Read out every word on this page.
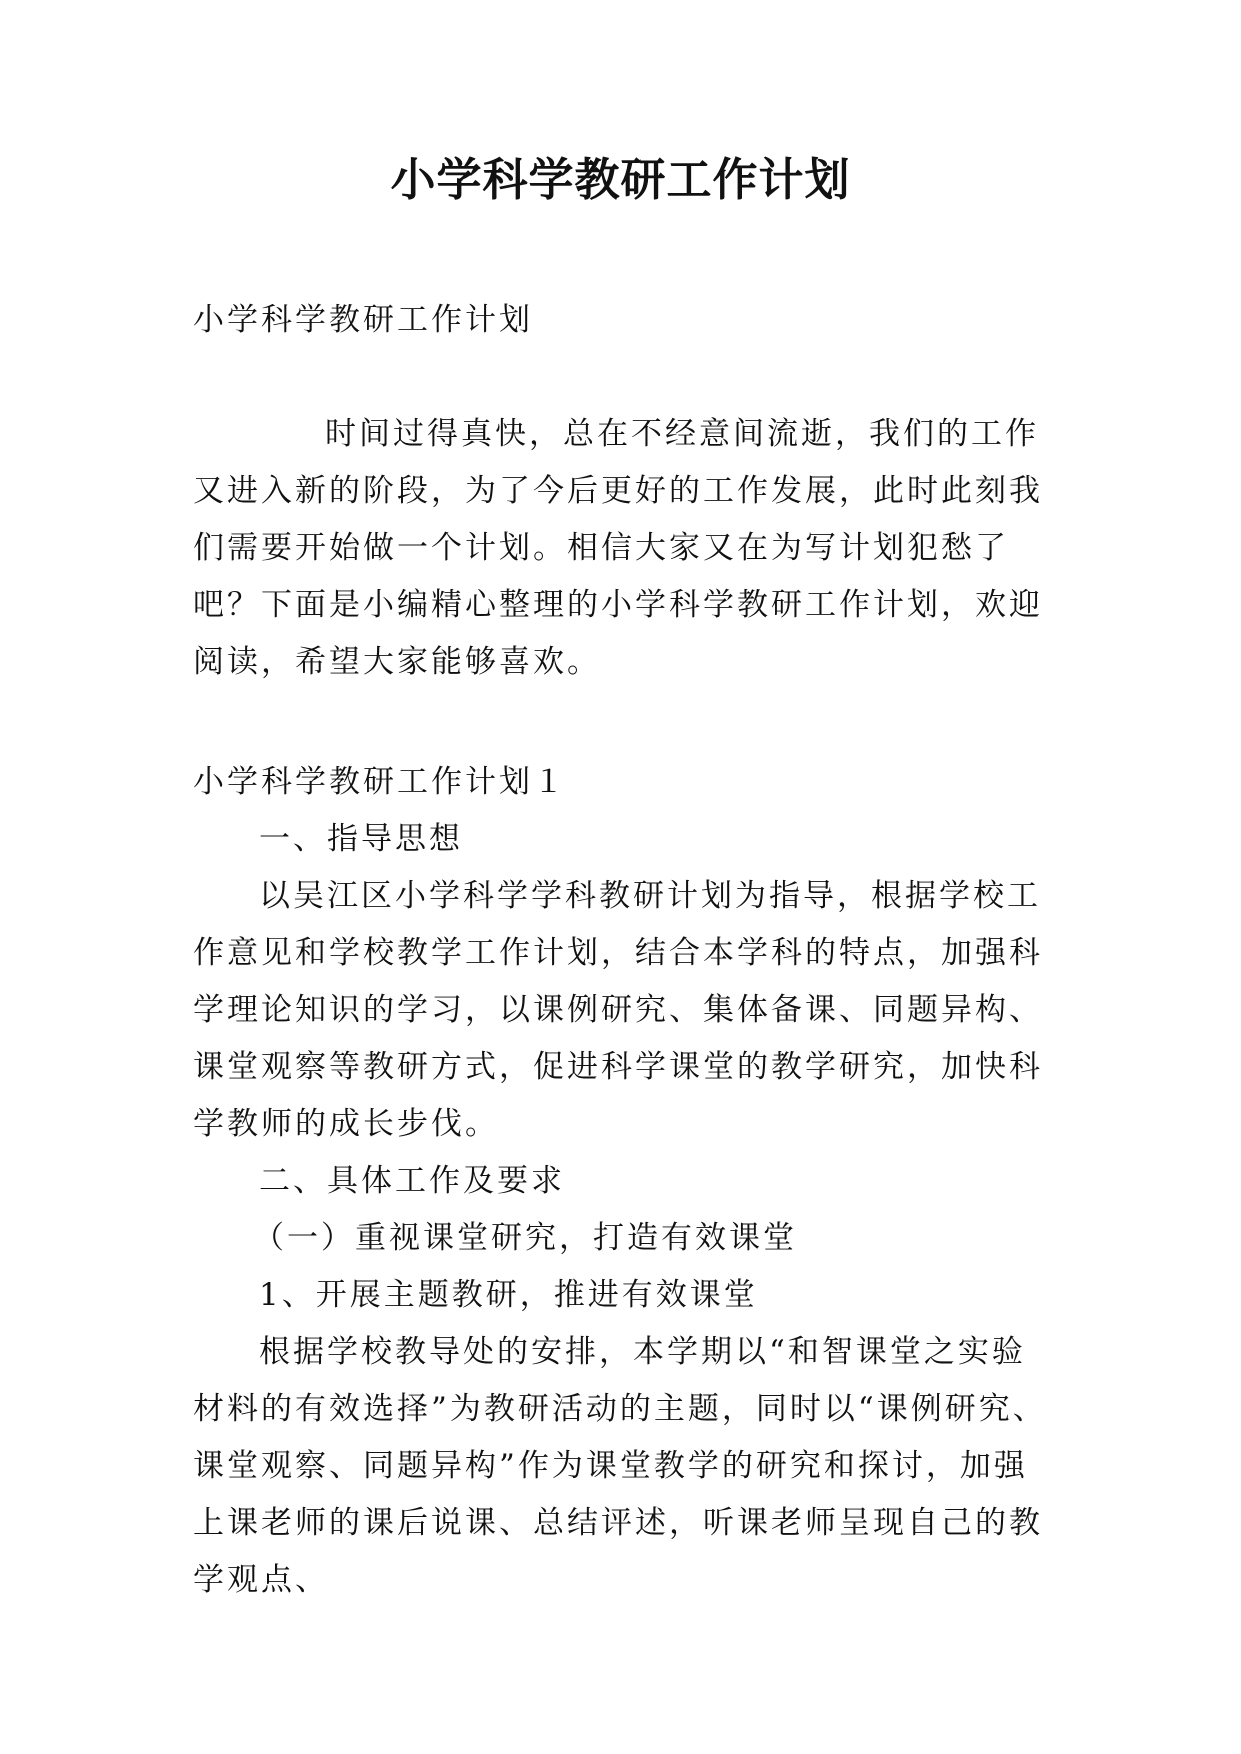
小学科学教研工作计划
小学科学教研工作计划

时间过得真快，总在不经意间流逝，我们的工作又进入新的阶段，为了今后更好的工作发展，此时此刻我们需要开始做一个计划。相信大家又在为写计划犯愁了吧？下面是小编精心整理的小学科学教研工作计划，欢迎阅读，希望大家能够喜欢。

小学科学教研工作计划１

一、指导思想

以吴江区小学科学学科教研计划为指导，根据学校工作意见和学校教学工作计划，结合本学科的特点，加强科学理论知识的学习，以课例研究、集体备课、同题异构、课堂观察等教研方式，促进科学课堂的教学研究，加快科学教师的成长步伐。

二、具体工作及要求

（一）重视课堂研究，打造有效课堂

1、开展主题教研，推进有效课堂

根据学校教导处的安排，本学期以“和智课堂之实验材料的有效选择”为教研活动的主题，同时以“课例研究、课堂观察、同题异构”作为课堂教学的研究和探讨，加强上课老师的课后说课、总结评述，听课老师呈现自己的教学观点、
